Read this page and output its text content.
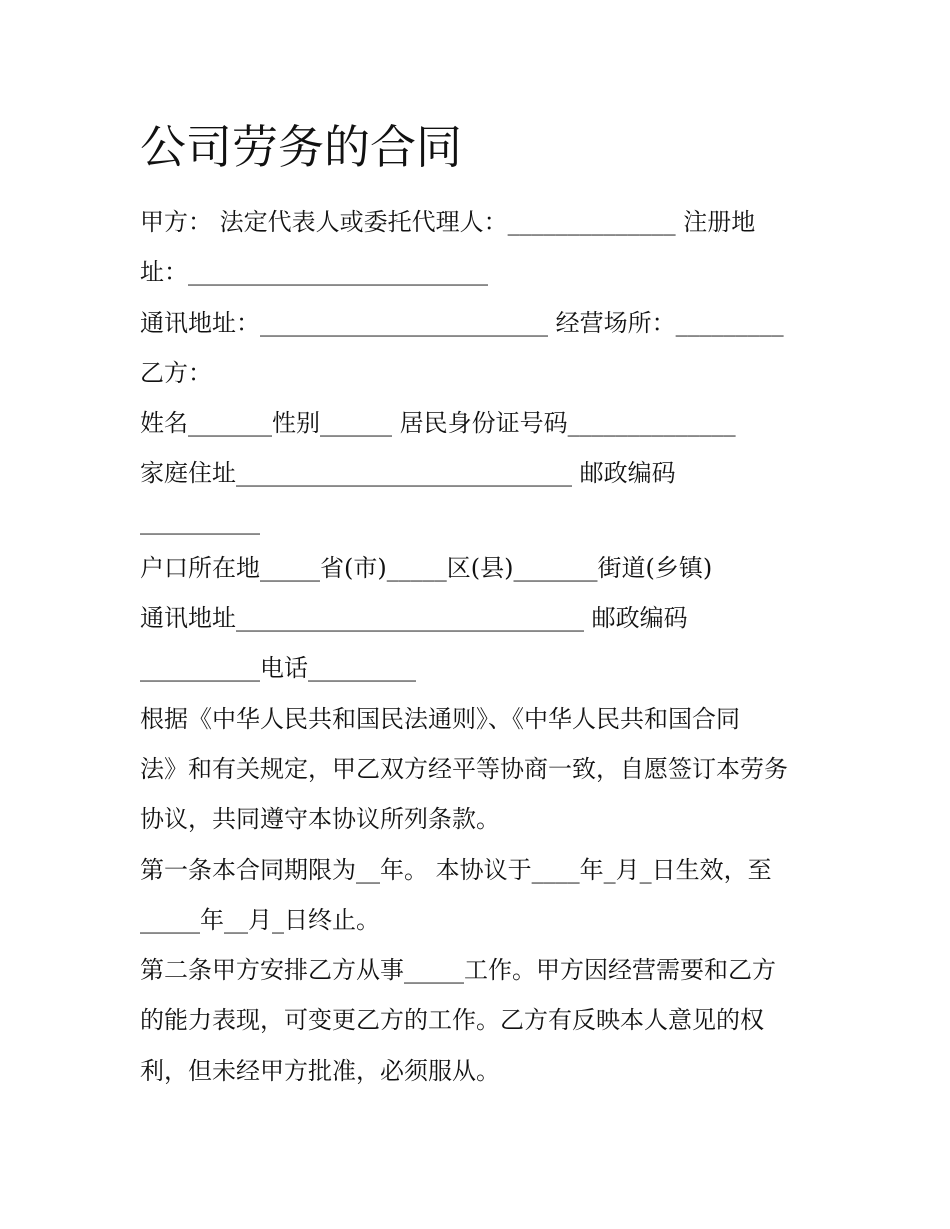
公司劳务的合同

甲方： 法定代表人或委托代理人：______________ 注册地

址：_________________________

通讯地址：________________________ 经营场所：_________

乙方：

姓名_______性别______ 居民身份证号码______________

家庭住址____________________________ 邮政编码

__________

户口所在地_____省(市)_____区(县)_______街道(乡镇)

通讯地址_____________________________ 邮政编码

__________电话_________

根据《中华人民共和国民法通则》、《中华人民共和国合同

法》和有关规定，甲乙双方经平等协商一致，自愿签订本劳务

协议，共同遵守本协议所列条款。

第一条本合同期限为__年。 本协议于____年_月_日生效，至

_____年__月_日终止。

第二条甲方安排乙方从事_____工作。甲方因经营需要和乙方

的能力表现，可变更乙方的工作。乙方有反映本人意见的权

利，但未经甲方批准，必须服从。
